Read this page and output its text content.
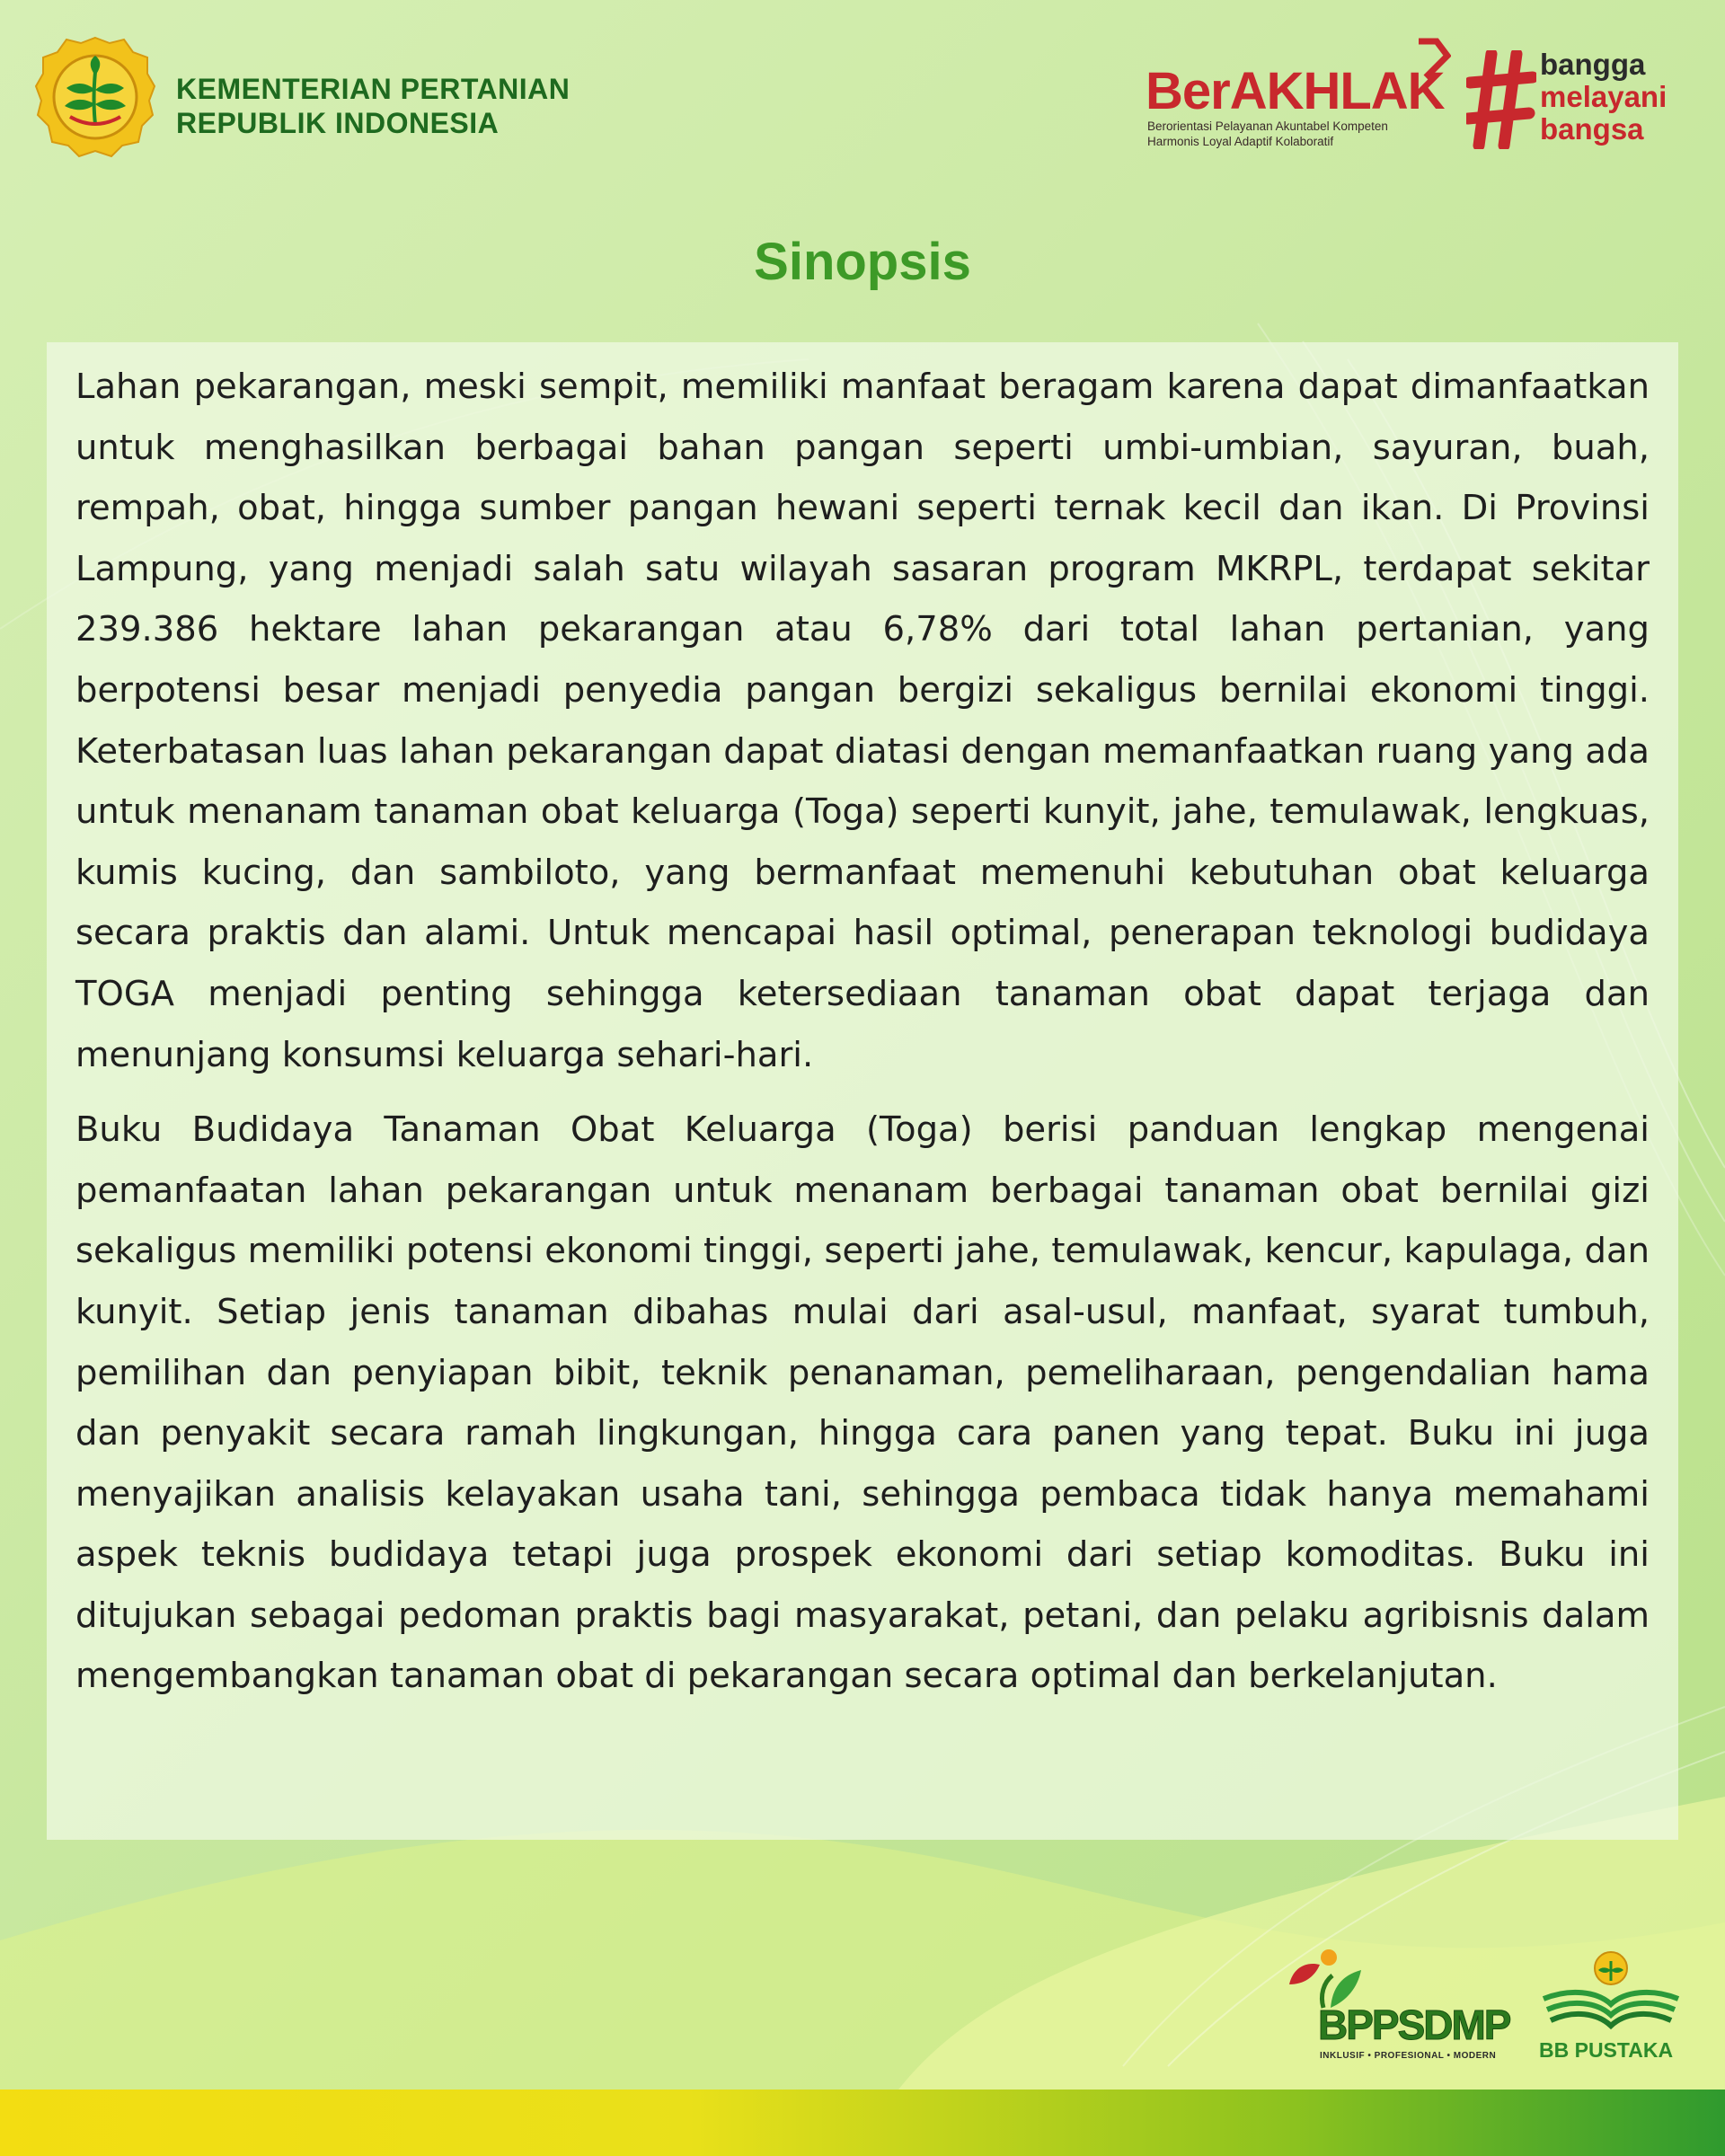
KEMENTERIAN PERTANIAN
REPUBLIK INDONESIA
BerAKHLAK
Berorientasi Pelayanan Akuntabel Kompeten
Harmonis Loyal Adaptif Kolaboratif
bangga
melayani
bangsa
Sinopsis

Lahan pekarangan, meski sempit, memiliki manfaat beragam karena dapat dimanfaatkan untuk menghasilkan berbagai bahan pangan seperti umbi-umbian, sayuran, buah, rempah, obat, hingga sumber pangan hewani seperti ternak kecil dan ikan. Di Provinsi Lampung, yang menjadi salah satu wilayah sasaran program MKRPL, terdapat sekitar 239.386 hektare lahan pekarangan atau 6,78% dari total lahan pertanian, yang berpotensi besar menjadi penyedia pangan bergizi sekaligus bernilai ekonomi tinggi. Keterbatasan luas lahan pekarangan dapat diatasi dengan memanfaatkan ruang yang ada untuk menanam tanaman obat keluarga (Toga) seperti kunyit, jahe, temulawak, lengkuas, kumis kucing, dan sambiloto, yang bermanfaat memenuhi kebutuhan obat keluarga secara praktis dan alami. Untuk mencapai hasil optimal, penerapan teknologi budidaya TOGA menjadi penting sehingga ketersediaan tanaman obat dapat terjaga dan menunjang konsumsi keluarga sehari-hari.

Buku Budidaya Tanaman Obat Keluarga (Toga) berisi panduan lengkap mengenai pemanfaatan lahan pekarangan untuk menanam berbagai tanaman obat bernilai gizi sekaligus memiliki potensi ekonomi tinggi, seperti jahe, temulawak, kencur, kapulaga, dan kunyit. Setiap jenis tanaman dibahas mulai dari asal-usul, manfaat, syarat tumbuh, pemilihan dan penyiapan bibit, teknik penanaman, pemeliharaan, pengendalian hama dan penyakit secara ramah lingkungan, hingga cara panen yang tepat. Buku ini juga menyajikan analisis kelayakan usaha tani, sehingga pembaca tidak hanya memahami aspek teknis budidaya tetapi juga prospek ekonomi dari setiap komoditas. Buku ini ditujukan sebagai pedoman praktis bagi masyarakat, petani, dan pelaku agribisnis dalam mengembangkan tanaman obat di pekarangan secara optimal dan berkelanjutan.

BPPSDMP
INKLUSIF • PROFESIONAL • MODERN BB PUSTAKA
